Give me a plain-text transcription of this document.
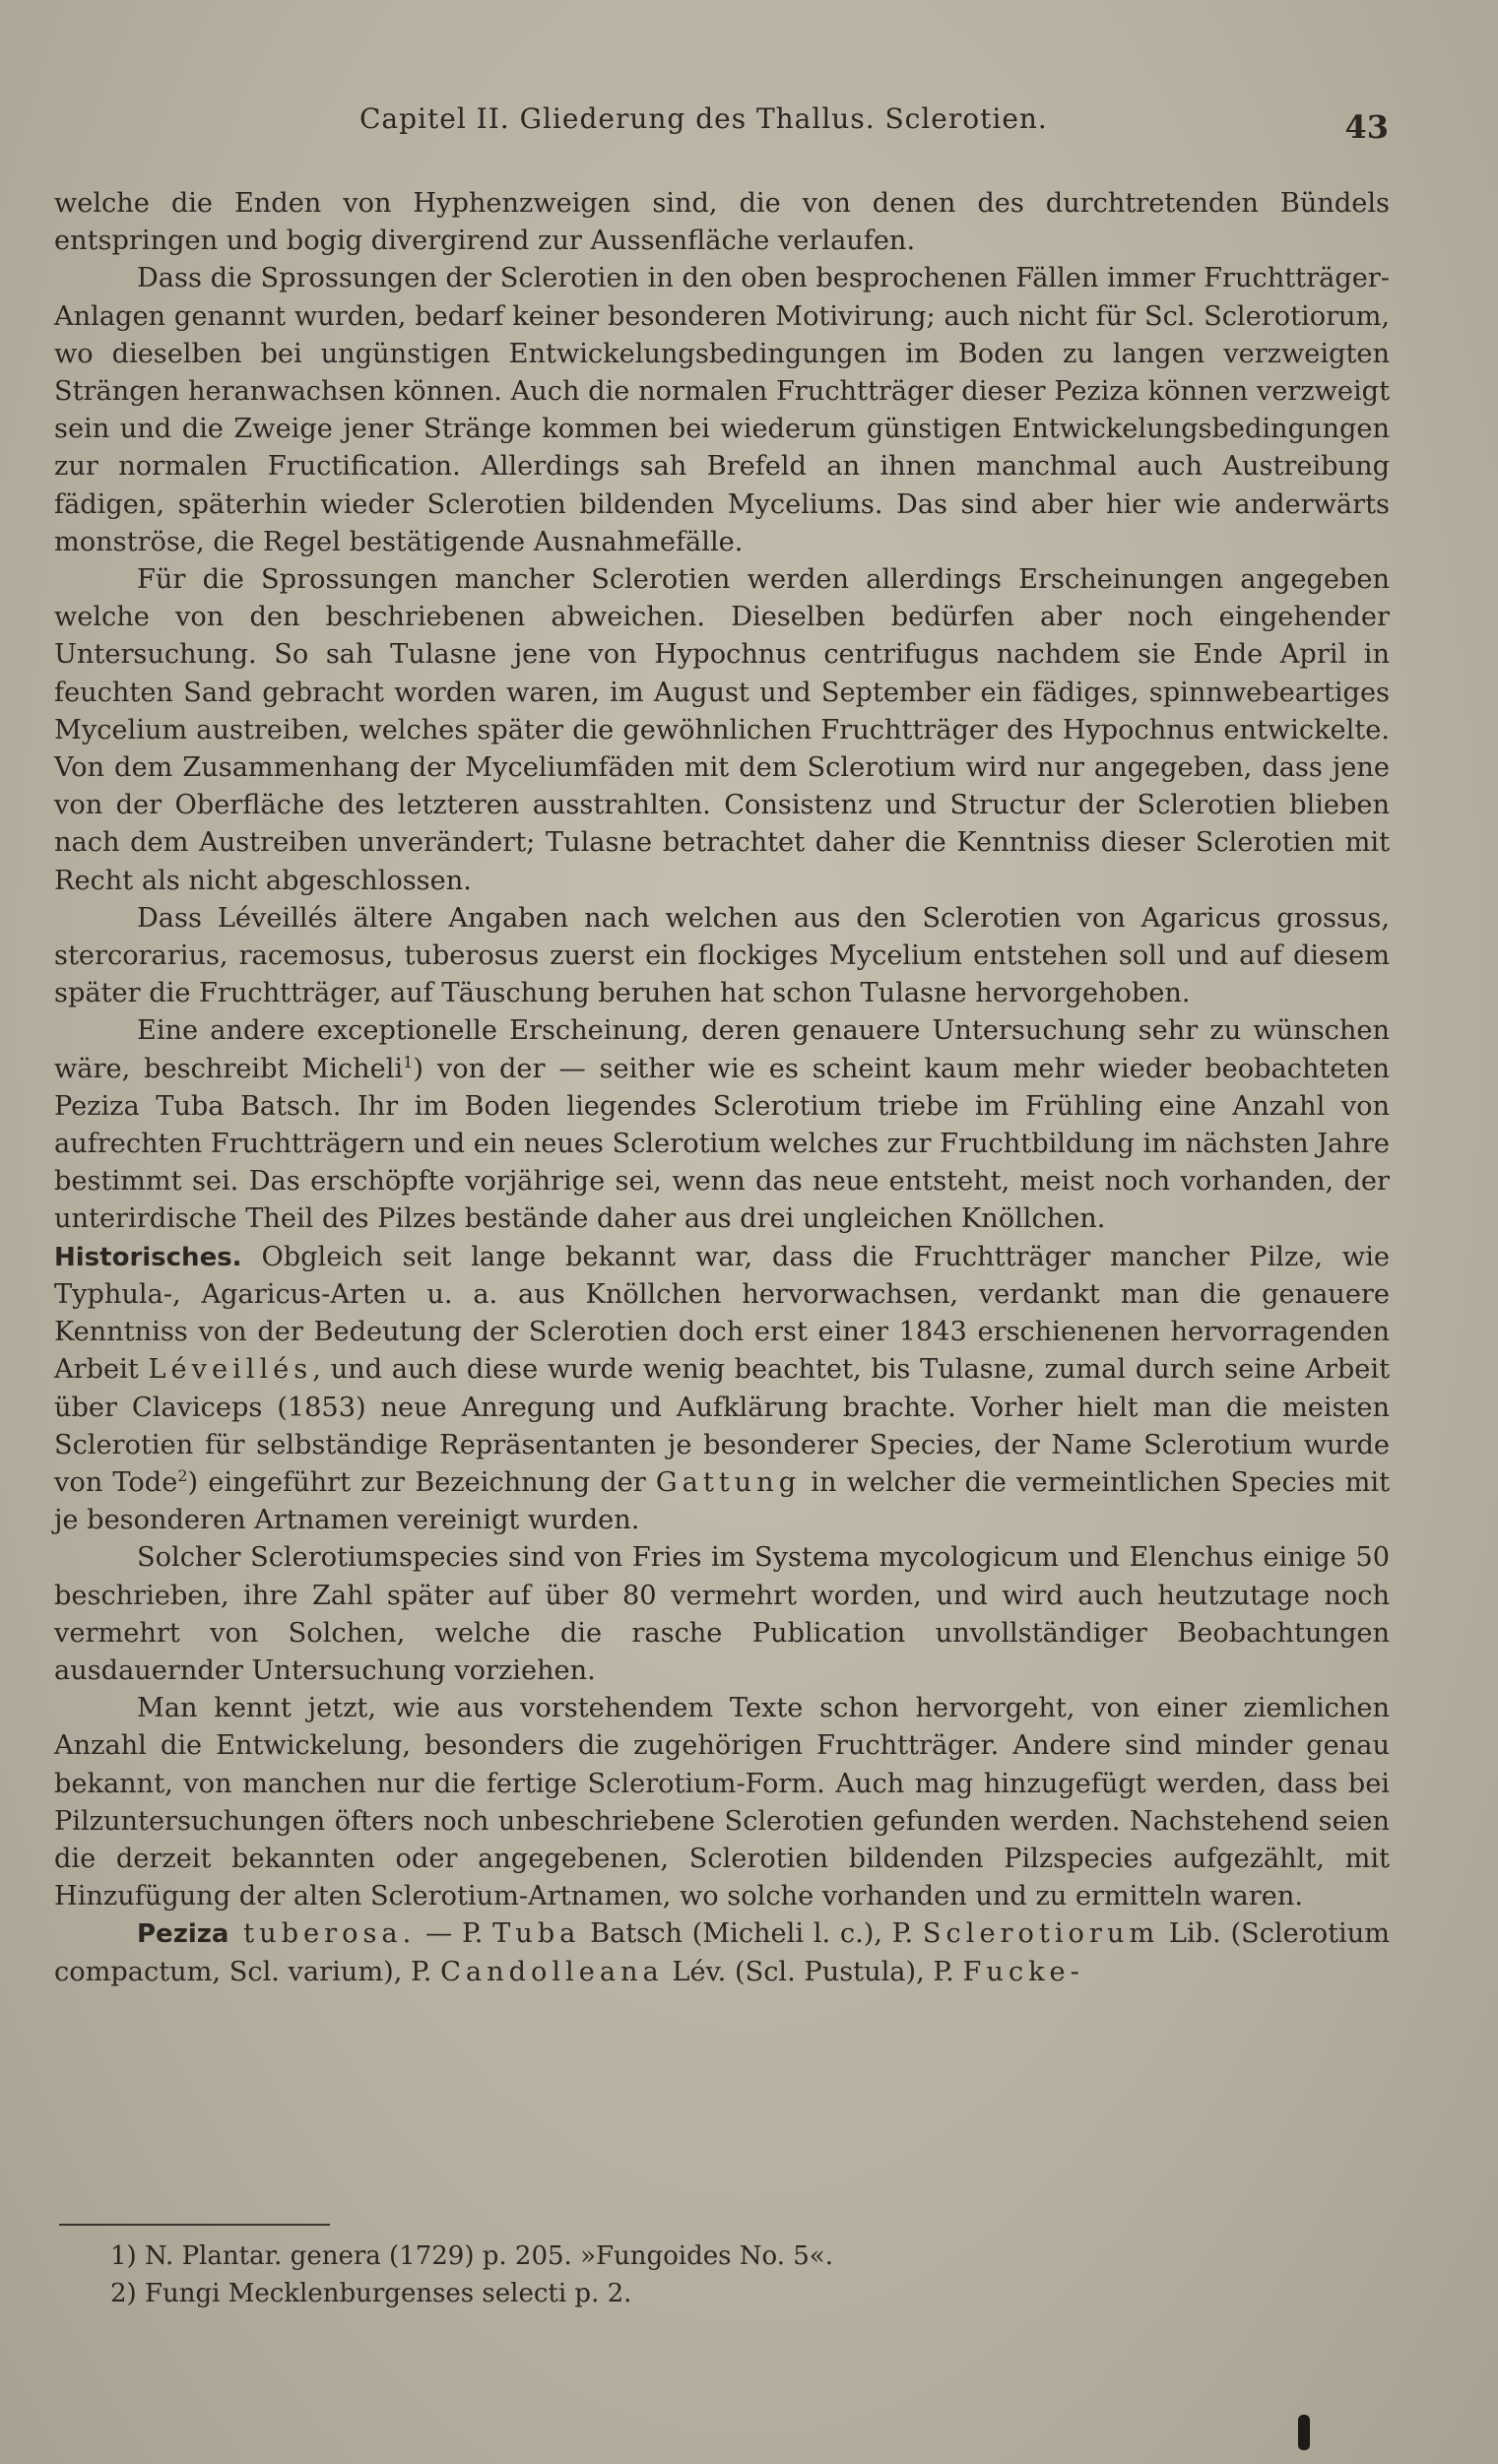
Capitel II. Gliederung des Thallus. Sclerotien.	43

welche die Enden von Hyphenzweigen sind, die von denen des durchtretenden Bündels entspringen und bogig divergirend zur Aussenfläche verlaufen.

Dass die Sprossungen der Sclerotien in den oben besprochenen Fällen immer Fruchtträger-Anlagen genannt wurden, bedarf keiner besonderen Motivirung; auch nicht für Scl. Sclerotiorum, wo dieselben bei ungünstigen Entwickelungsbedingungen im Boden zu langen verzweigten Strängen heranwachsen können. Auch die normalen Fruchtträger dieser Peziza können verzweigt sein und die Zweige jener Stränge kommen bei wiederum günstigen Entwickelungsbedingungen zur normalen Fructification. Allerdings sah Brefeld an ihnen manchmal auch Austreibung fädigen, späterhin wieder Sclerotien bildenden Myceliums. Das sind aber hier wie anderwärts monströse, die Regel bestätigende Ausnahmefälle.

Für die Sprossungen mancher Sclerotien werden allerdings Erscheinungen angegeben welche von den beschriebenen abweichen. Dieselben bedürfen aber noch eingehender Untersuchung. So sah Tulasne jene von Hypochnus centrifugus nachdem sie Ende April in feuchten Sand gebracht worden waren, im August und September ein fädiges, spinnwebeartiges Mycelium austreiben, welches später die gewöhnlichen Fruchtträger des Hypochnus entwickelte. Von dem Zusammenhang der Myceliumfäden mit dem Sclerotium wird nur angegeben, dass jene von der Oberfläche des letzteren ausstrahlten. Consistenz und Structur der Sclerotien blieben nach dem Austreiben unverändert; Tulasne betrachtet daher die Kenntniss dieser Sclerotien mit Recht als nicht abgeschlossen.

Dass Léveillés ältere Angaben nach welchen aus den Sclerotien von Agaricus grossus, stercorarius, racemosus, tuberosus zuerst ein flockiges Mycelium entstehen soll und auf diesem später die Fruchtträger, auf Täuschung beruhen hat schon Tulasne hervorgehoben.

Eine andere exceptionelle Erscheinung, deren genauere Untersuchung sehr zu wünschen wäre, beschreibt Micheli$^1$) von der — seither wie es scheint kaum mehr wieder beobachteten Peziza Tuba Batsch. Ihr im Boden liegendes Sclerotium triebe im Frühling eine Anzahl von aufrechten Fruchtträgern und ein neues Sclerotium welches zur Fruchtbildung im nächsten Jahre bestimmt sei. Das erschöpfte vorjährige sei, wenn das neue entsteht, meist noch vorhanden, der unterirdische Theil des Pilzes bestände daher aus drei ungleichen Knöllchen.

Historisches. Obgleich seit lange bekannt war, dass die Fruchtträger mancher Pilze, wie Typhula-, Agaricus-Arten u. a. aus Knöllchen hervorwachsen, verdankt man die genauere Kenntniss von der Bedeutung der Sclerotien doch erst einer 1843 erschienenen hervorragenden Arbeit Léveillés, und auch diese wurde wenig beachtet, bis Tulasne, zumal durch seine Arbeit über Claviceps (1853) neue Anregung und Aufklärung brachte. Vorher hielt man die meisten Sclerotien für selbständige Repräsentanten je besonderer Species, der Name Sclerotium wurde von Tode$^2$) eingeführt zur Bezeichnung der Gattung in welcher die vermeintlichen Species mit je besonderen Artnamen vereinigt wurden.

Solcher Sclerotiumspecies sind von Fries im Systema mycologicum und Elenchus einige 50 beschrieben, ihre Zahl später auf über 80 vermehrt worden, und wird auch heutzutage noch vermehrt von Solchen, welche die rasche Publication unvollständiger Beobachtungen ausdauernder Untersuchung vorziehen.

Man kennt jetzt, wie aus vorstehendem Texte schon hervorgeht, von einer ziemlichen Anzahl die Entwickelung, besonders die zugehörigen Fruchtträger. Andere sind minder genau bekannt, von manchen nur die fertige Sclerotium-Form. Auch mag hinzugefügt werden, dass bei Pilzuntersuchungen öfters noch unbeschriebene Sclerotien gefunden werden. Nachstehend seien die derzeit bekannten oder angegebenen, Sclerotien bildenden Pilzspecies aufgezählt, mit Hinzufügung der alten Sclerotium-Artnamen, wo solche vorhanden und zu ermitteln waren.

Peziza tuberosa. — P. Tuba Batsch (Micheli l. c.), P. Sclerotiorum Lib. (Sclerotium compactum, Scl. varium), P. Candolleana Lév. (Scl. Pustula), P. Fucke-

1) N. Plantar. genera (1729) p. 205. »Fungoides No. 5«.

2) Fungi Mecklenburgenses selecti p. 2.
